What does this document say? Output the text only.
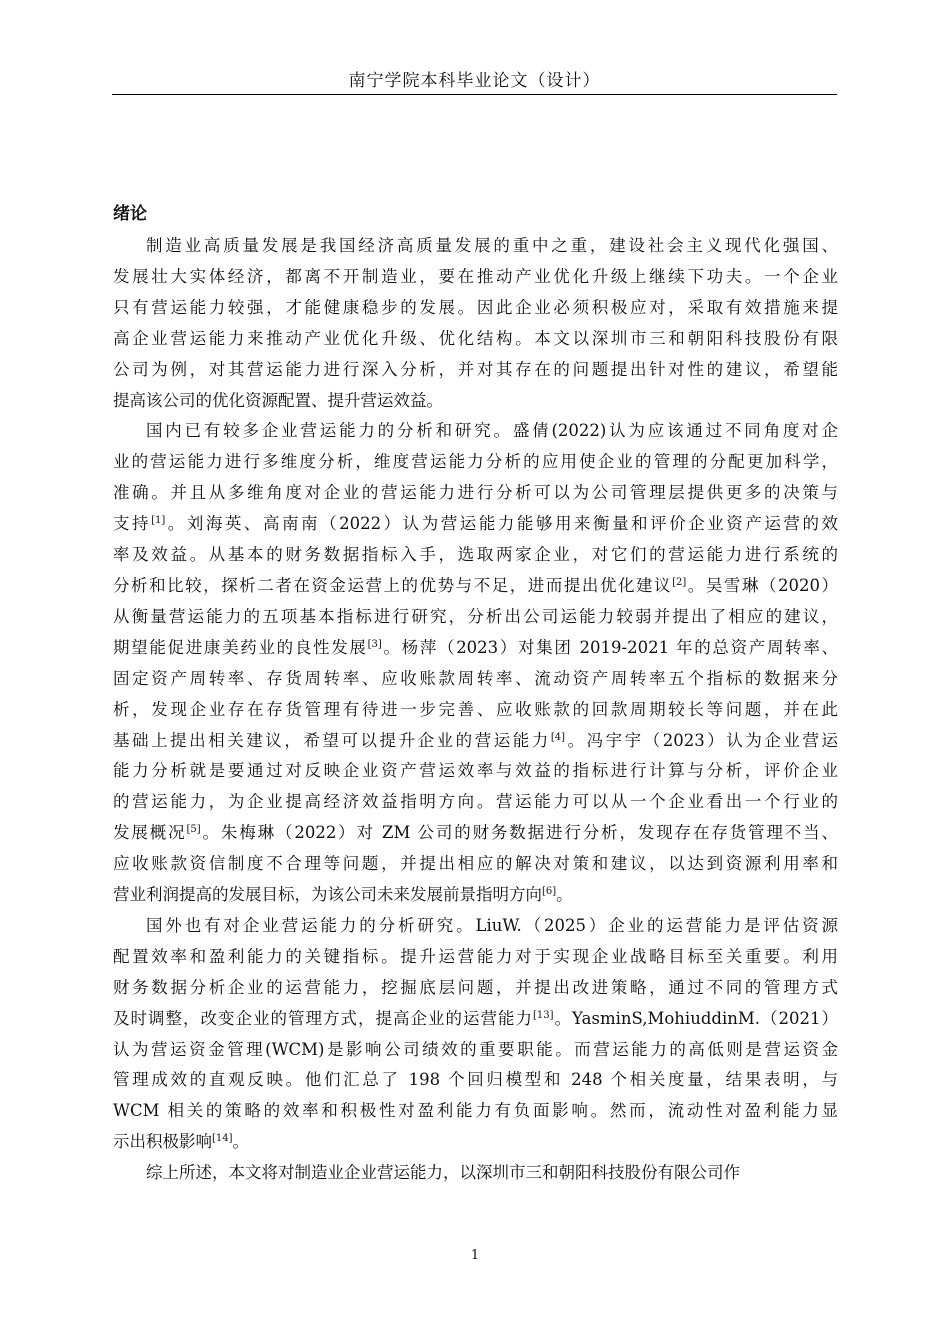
南宁学院本科毕业论文（设计）
绪论
制造业高质量发展是我国经济高质量发展的重中之重，建设社会主义现代化强国、
发展壮大实体经济，都离不开制造业，要在推动产业优化升级上继续下功夫。一个企业
只有营运能力较强，才能健康稳步的发展。因此企业必须积极应对，采取有效措施来提
高企业营运能力来推动产业优化升级、优化结构。本文以深圳市三和朝阳科技股份有限
公司为例，对其营运能力进行深入分析，并对其存在的问题提出针对性的建议，希望能
提高该公司的优化资源配置、提升营运效益。
国内已有较多企业营运能力的分析和研究。盛倩(2022)认为应该通过不同角度对企
业的营运能力进行多维度分析，维度营运能力分析的应用使企业的管理的分配更加科学，
准确。并且从多维角度对企业的营运能力进行分析可以为公司管理层提供更多的决策与
支持[1]。刘海英、高南南（2022）认为营运能力能够用来衡量和评价企业资产运营的效
率及效益。从基本的财务数据指标入手，选取两家企业，对它们的营运能力进行系统的
分析和比较，探析二者在资金运营上的优势与不足，进而提出优化建议[2]。吴雪琳（2020）
从衡量营运能力的五项基本指标进行研究，分析出公司运能力较弱并提出了相应的建议，
期望能促进康美药业的良性发展[3]。杨萍（2023）对集团 2019-2021 年的总资产周转率、
固定资产周转率、存货周转率、应收账款周转率、流动资产周转率五个指标的数据来分
析，发现企业存在存货管理有待进一步完善、应收账款的回款周期较长等问题，并在此
基础上提出相关建议，希望可以提升企业的营运能力[4]。冯宇宇（2023）认为企业营运
能力分析就是要通过对反映企业资产营运效率与效益的指标进行计算与分析，评价企业
的营运能力，为企业提高经济效益指明方向。营运能力可以从一个企业看出一个行业的
发展概况[5]。朱梅琳（2022）对 ZM 公司的财务数据进行分析，发现存在存货管理不当、
应收账款资信制度不合理等问题，并提出相应的解决对策和建议，以达到资源利用率和
营业利润提高的发展目标，为该公司未来发展前景指明方向[6]。
国外也有对企业营运能力的分析研究。LiuW.（2025）企业的运营能力是评估资源
配置效率和盈利能力的关键指标。提升运营能力对于实现企业战略目标至关重要。利用
财务数据分析企业的运营能力，挖掘底层问题，并提出改进策略，通过不同的管理方式
及时调整，改变企业的管理方式，提高企业的运营能力[13]。YasminS,MohiuddinM.（2021）
认为营运资金管理(WCM)是影响公司绩效的重要职能。而营运能力的高低则是营运资金
管理成效的直观反映。他们汇总了 198 个回归模型和 248 个相关度量，结果表明，与
WCM 相关的策略的效率和积极性对盈利能力有负面影响。然而，流动性对盈利能力显
示出积极影响[14]。
综上所述，本文将对制造业企业营运能力，以深圳市三和朝阳科技股份有限公司作
1
